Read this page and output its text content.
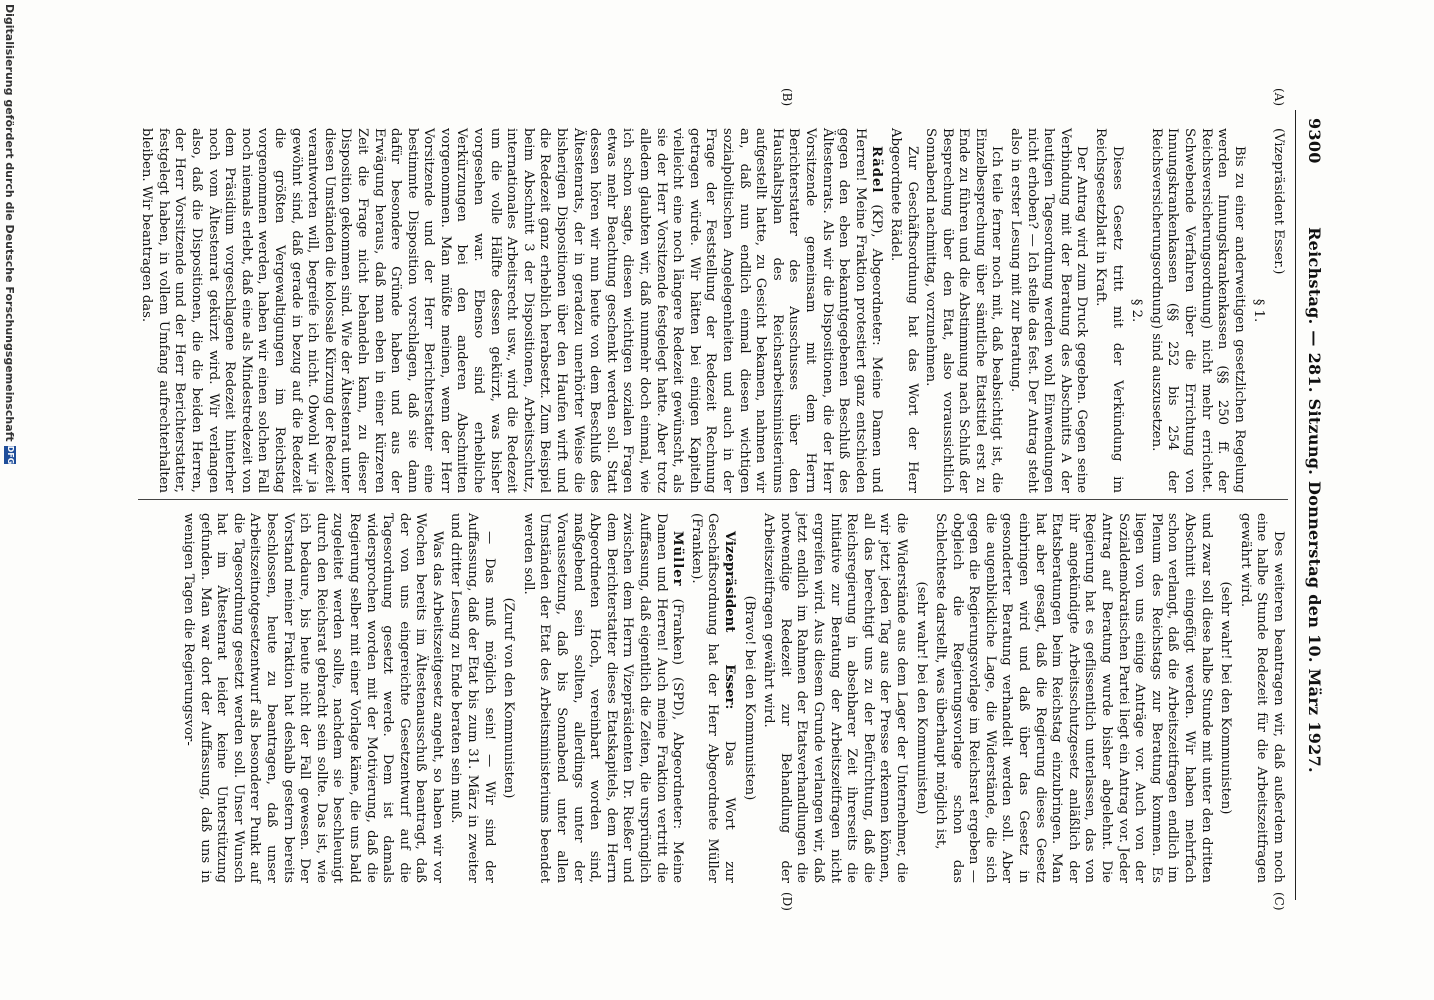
9300
Reichstag. — 281. Sitzung. Donnerstag den 10. März 1927.
(A)
(B)
(C)
(D)

(Vizepräsident Esser.)

§ 1.

Bis zu einer anderweitigen gesetzlichen Regelung werden Innungskrankenkassen (§§ 250 ff. der Reichsversicherungsordnung) nicht mehr errichtet. Schwebende Verfahren über die Errichtung von Innungskrankenkassen (§§ 252 bis 254 der Reichsversicherungsordnung) sind auszusetzen.

§ 2.

Dieses Gesetz tritt mit der Verkündung im Reichsgesetzblatt in Kraft.

Der Antrag wird zum Druck gegeben. Gegen seine Verbindung mit der Beratung des Abschnitts A der heutigen Tagesordnung werden wohl Einwendungen nicht erhoben? — Ich stelle das fest. Der Antrag steht also in erster Lesung mit zur Beratung.

Ich teile ferner noch mit, daß beabsichtigt ist, die Einzelbesprechung über sämtliche Etatstitel erst zu Ende zu führen und die Abstimmung nach Schluß der Besprechung über den Etat, also voraussichtlich Sonnabend nachmittag, vorzunehmen.

Zur Geschäftsordnung hat das Wort der Herr Abgeordnete Rädel.

Rädel (KP), Abgeordneter: Meine Damen und Herren! Meine Fraktion protestiert ganz entschieden gegen den eben bekanntgegebenen Beschluß des Ältestenrats. Als wir die Dispositionen, die der Herr Vorsitzende gemeinsam mit dem Herrn Berichterstatter des Ausschusses über den Haushaltsplan des Reichsarbeitsministeriums aufgestellt hatte, zu Gesicht bekamen, nahmen wir an, daß nun endlich einmal diesen wichtigen sozialpolitischen Angelegenheiten und auch in der Frage der Feststellung der Redezeit Rechnung getragen würde. Wir hätten bei einigen Kapiteln vielleicht eine noch längere Redezeit gewünscht, als sie der Herr Vorsitzende festgelegt hatte. Aber trotz alledem glaubten wir, daß nunmehr doch einmal, wie ich schon sagte, diesen wichtigen sozialen Fragen etwas mehr Beachtung geschenkt werden soll. Statt dessen hören wir nun heute von dem Beschluß des Ältestenrats, der in geradezu unerhörter Weise die bisherigen Dispositionen über den Haufen wirft und die Redezeit ganz erheblich herabsetzt. Zum Beispiel beim Abschnitt 3 der Dispositionen, Arbeitsschutz, internationales Arbeitsrecht usw., wird die Redezeit um die volle Hälfte dessen gekürzt, was bisher vorgesehen war. Ebenso sind erhebliche Verkürzungen bei den anderen Abschnitten vorgenommen. Man müßte meinen, wenn der Herr Vorsitzende und der Herr Berichterstatter eine bestimmte Disposition vorschlagen, daß sie dann dafür besondere Gründe haben und aus der Erwägung heraus, daß man eben in einer kürzeren Zeit die Frage nicht behandeln kann, zu dieser Disposition gekommen sind. Wie der Ältestenrat unter diesen Umständen die kolossale Kürzung der Redezeit verantworten will, begreife ich nicht. Obwohl wir ja gewöhnt sind, daß gerade in bezug auf die Redezeit die größten Vergewaltigungen im Reichstag vorgenommen werden, haben wir einen solchen Fall noch niemals erlebt, daß eine als Mindestredezeit von dem Präsidium vorgeschlagene Redezeit hinterher noch vom Ältestenrat gekürzt wird. Wir verlangen also, daß die Dispositionen, die die beiden Herren, der Herr Vorsitzende und der Herr Berichterstatter, festgelegt haben, in vollem Umfang aufrechterhalten bleiben. Wir beantragen das.

Des weiteren beantragen wir, daß außerdem noch eine halbe Stunde Redezeit für die Arbeitszeitfragen gewährt wird.

(sehr wahr! bei den Kommunisten)

und zwar soll diese halbe Stunde mit unter den dritten Abschnitt eingefügt werden. Wir haben mehrfach schon verlangt, daß die Arbeitszeitfragen endlich im Plenum des Reichstags zur Beratung kommen. Es liegen von uns einige Anträge vor. Auch von der Sozialdemokratischen Partei liegt ein Antrag vor. Jeder Antrag auf Beratung wurde bisher abgelehnt. Die Regierung hat es geflissentlich unterlassen, das von ihr angekündigte Arbeitsschutzgesetz anläßlich der Etatsberatungen beim Reichstag einzubringen. Man hat aber gesagt, daß die Regierung dieses Gesetz einbringen wird und daß über das Gesetz in gesonderter Beratung verhandelt werden soll. Aber die augenblickliche Lage, die Widerstände, die sich gegen die Regierungsvorlage im Reichsrat ergeben — obgleich die Regierungsvorlage schon das Schlechteste darstellt, was überhaupt möglich ist,

(sehr wahr! bei den Kommunisten)

die Widerstände aus dem Lager der Unternehmer, die wir jetzt jeden Tag aus der Presse erkennen können, all das berechtigt uns zu der Befürchtung, daß die Reichsregierung in absehbarer Zeit ihrerseits die Initiative zur Beratung der Arbeitszeitfragen nicht ergreifen wird. Aus diesem Grunde verlangen wir, daß jetzt endlich im Rahmen der Etatsverhandlungen die notwendige Redezeit zur Behandlung der Arbeitszeitfragen gewährt wird.

(Bravo! bei den Kommunisten)

Vizepräsident Esser: Das Wort zur Geschäftsordnung hat der Herr Abgeordnete Müller (Franken).

Müller (Franken) (SPD), Abgeordneter: Meine Damen und Herren! Auch meine Fraktion vertritt die Auffassung, daß eigentlich die Zeiten, die ursprünglich zwischen dem Herrn Vizepräsidenten Dr. Rießer und dem Berichterstatter dieses Etatskapitels, dem Herrn Abgeordneten Hoch, vereinbart worden sind, maßgebend sein sollten, allerdings unter der Voraussetzung, daß bis Sonnabend unter allen Umständen der Etat des Arbeitsministeriums beendet werden soll.

(Zuruf von den Kommunisten)

— Das muß möglich sein! — Wir sind der Auffassung, daß der Etat bis zum 31. März in zweiter und dritter Lesung zu Ende beraten sein muß.

Was das Arbeitszeitgesetz angeht, so haben wir vor Wochen bereits im Ältestenausschuß beantragt, daß der von uns eingereichte Gesetzentwurf auf die Tagesordnung gesetzt werde. Dem ist damals widersprochen worden mit der Motivierung, daß die Regierung selber mit einer Vorlage käme, die uns bald zugeleitet werden sollte, nachdem sie beschleunigt durch den Reichsrat gebracht sein sollte. Das ist, wie ich bedaure, bis heute nicht der Fall gewesen. Der Vorstand meiner Fraktion hat deshalb gestern bereits beschlossen, heute zu beantragen, daß unser Arbeitszeitnotgesetzentwurf als besonderer Punkt auf die Tagesordnung gesetzt werden soll. Unser Wunsch hat im Ältestenrat leider keine Unterstützung gefunden. Man war dort der Auffassung, daß uns in wenigen Tagen die Regierungsvor-

Digitalisierung gefördert durch die Deutsche Forschungsgemeinschaft
DFG
